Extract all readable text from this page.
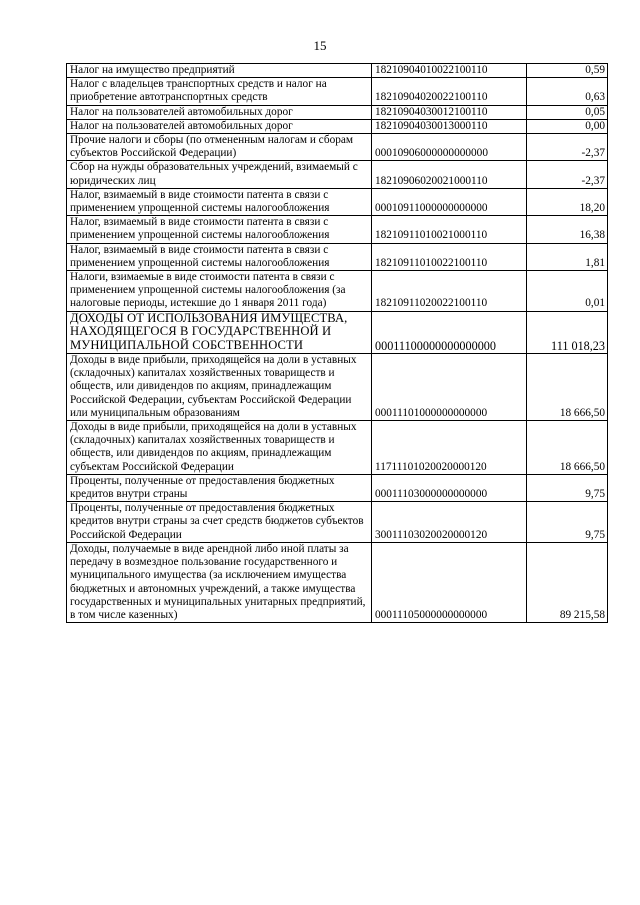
15
Налог на имущество предприятий	18210904010022100110	0,59
Налог с владельцев транспортных средств и налог на приобретение автотранспортных средств	18210904020022100110	0,63
Налог на пользователей автомобильных дорог	18210904030012100110	0,05
Налог на пользователей автомобильных дорог	18210904030013000110	0,00
Прочие налоги и сборы (по отмененным налогам и сборам субъектов Российской Федерации)	00010906000000000000	-2,37
Сбор на нужды образовательных учреждений, взимаемый с юридических лиц	18210906020021000110	-2,37
Налог, взимаемый в виде стоимости патента в связи с применением упрощенной системы налогообложения	00010911000000000000	18,20
Налог, взимаемый в виде стоимости патента в связи с применением упрощенной системы налогообложения	18210911010021000110	16,38
Налог, взимаемый в виде стоимости патента в связи с применением упрощенной системы налогообложения	18210911010022100110	1,81
Налоги, взимаемые в виде стоимости патента в связи с применением упрощенной системы налогообложения (за налоговые периоды, истекшие до 1 января 2011 года)	18210911020022100110	0,01
ДОХОДЫ ОТ ИСПОЛЬЗОВАНИЯ ИМУЩЕСТВА, НАХОДЯЩЕГОСЯ В ГОСУДАРСТВЕННОЙ И МУНИЦИПАЛЬНОЙ СОБСТВЕННОСТИ	00011100000000000000	111 018,23
Доходы в виде прибыли, приходящейся на доли в уставных (складочных) капиталах хозяйственных товариществ и обществ, или дивидендов по акциям, принадлежащим Российской Федерации, субъектам Российской Федерации или муниципальным образованиям	00011101000000000000	18 666,50
Доходы в виде прибыли, приходящейся на доли в уставных (складочных) капиталах хозяйственных товариществ и обществ, или дивидендов по акциям, принадлежащим субъектам Российской Федерации	11711101020020000120	18 666,50
Проценты, полученные от предоставления бюджетных кредитов внутри страны	00011103000000000000	9,75
Проценты, полученные от предоставления бюджетных кредитов внутри страны за счет средств бюджетов субъектов Российской Федерации	30011103020020000120	9,75
Доходы, получаемые в виде арендной либо иной платы за передачу в возмездное пользование государственного и муниципального имущества (за исключением имущества бюджетных и автономных учреждений, а также имущества государственных и муниципальных унитарных предприятий, в том числе казенных)	00011105000000000000	89 215,58
